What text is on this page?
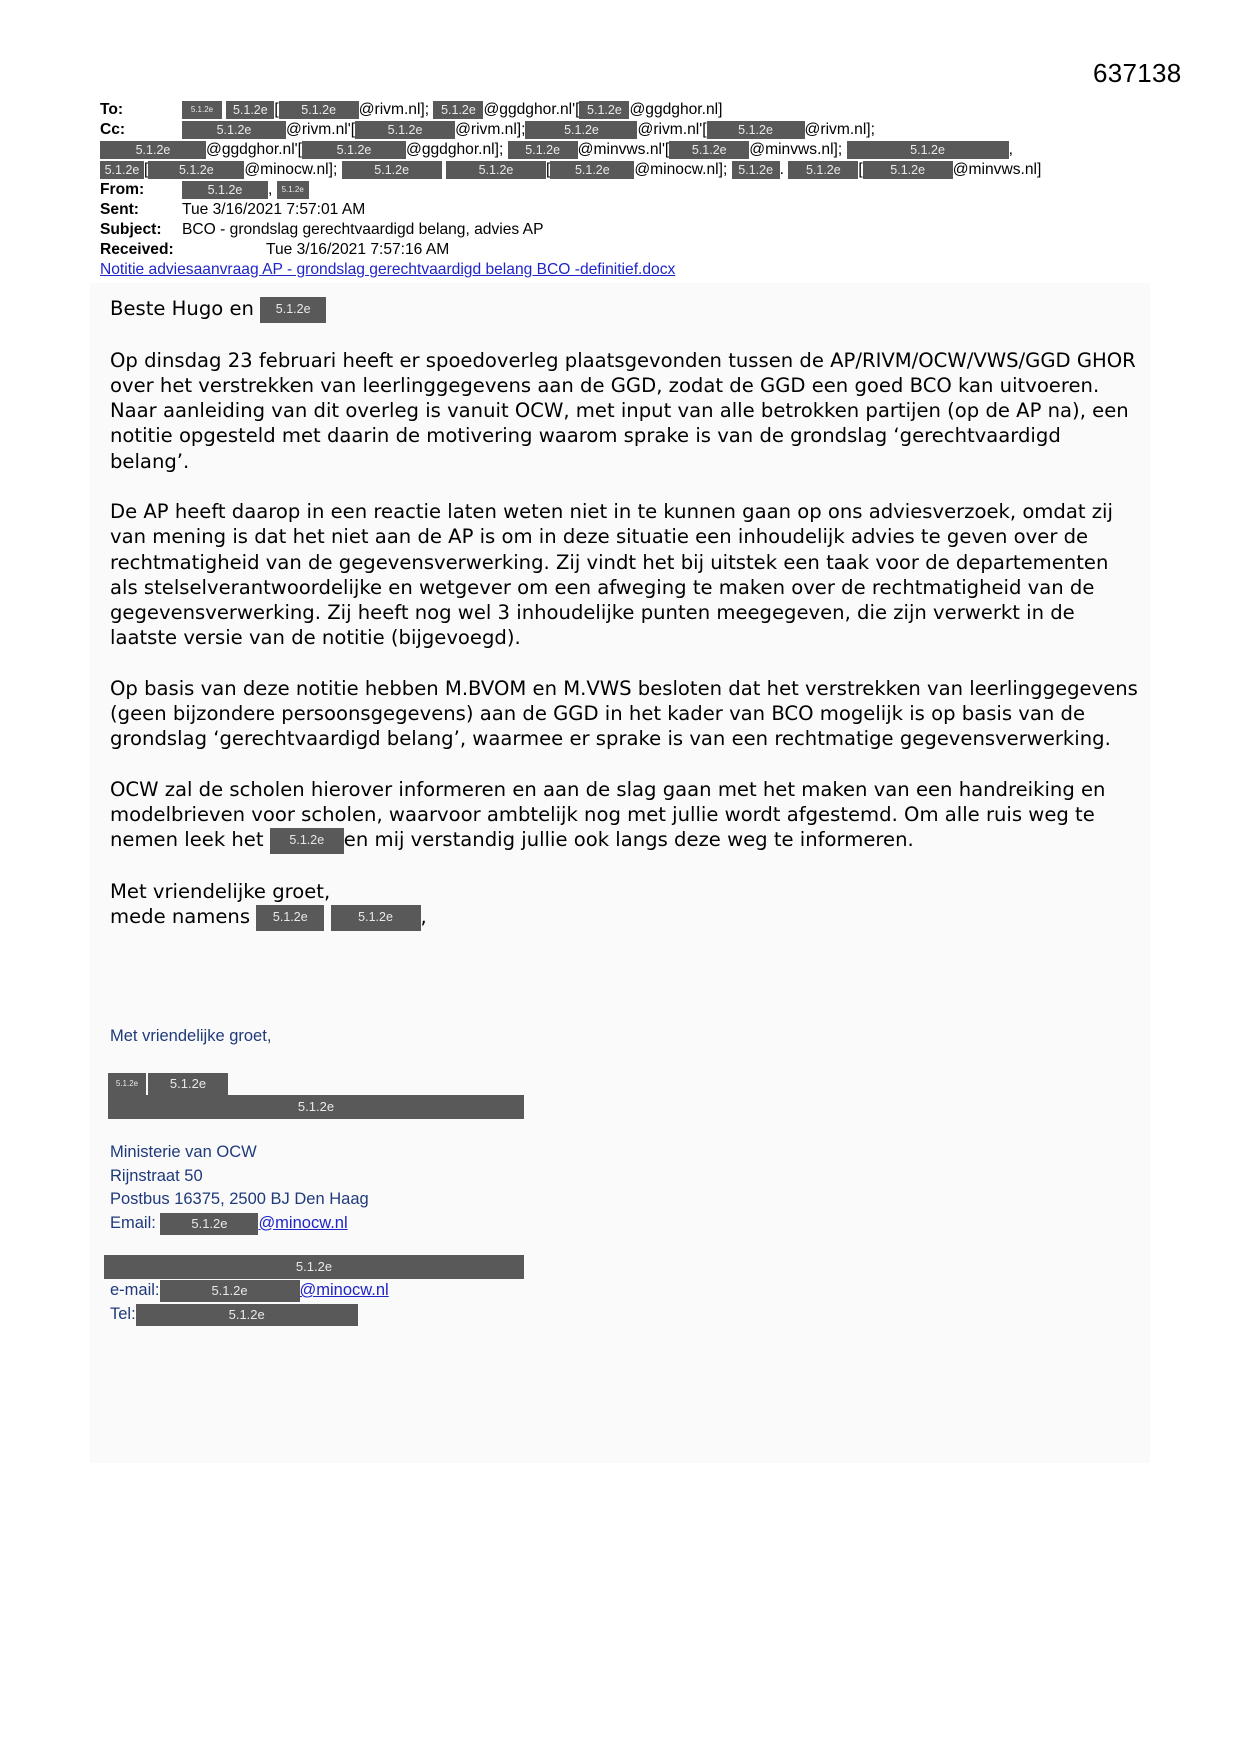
637138
To:	5.1.2e 5.1.2e [ 5.1.2e @rivm.nl]; 5.1.2e @ggdghor.nl'[ 5.1.2e @ggdghor.nl]
Cc:	5.1.2e @rivm.nl'[	5.1.2e @rivm.nl];	5.1.2e @rivm.nl'[	5.1.2e @rivm.nl];
5.1.2e @ggdghor.nl'[	5.1.2e @ggdghor.nl]; 5.1.2e @minvws.nl'[ 5.1.2e @minvws.nl];	5.1.2e	,
5.1.2e [ 5.1.2e @minocw.nl];	5.1.2e	5.1.2e [ 5.1.2e @minocw.nl]; 5.1.2e . 5.1.2e [ 5.1.2e @minvws.nl]
From:	5.1.2e , 5.1.2e
Sent:	Tue 3/16/2021 7:57:01 AM
Subject: BCO - grondslag gerechtvaardigd belang, advies AP
Received:	Tue 3/16/2021 7:57:16 AM
Notitie adviesaanvraag AP - grondslag gerechtvaardigd belang BCO -definitief.docx

Beste Hugo en 5.1.2e

Op dinsdag 23 februari heeft er spoedoverleg plaatsgevonden tussen de AP/RIVM/OCW/VWS/GGD GHOR over het verstrekken van leerlinggegevens aan de GGD, zodat de GGD een goed BCO kan uitvoeren. Naar aanleiding van dit overleg is vanuit OCW, met input van alle betrokken partijen (op de AP na), een notitie opgesteld met daarin de motivering waarom sprake is van de grondslag ‘gerechtvaardigd belang’.

De AP heeft daarop in een reactie laten weten niet in te kunnen gaan op ons adviesverzoek, omdat zij van mening is dat het niet aan de AP is om in deze situatie een inhoudelijk advies te geven over de rechtmatigheid van de gegevensverwerking. Zij vindt het bij uitstek een taak voor de departementen als stelselverantwoordelijke en wetgever om een afweging te maken over de rechtmatigheid van de gegevensverwerking. Zij heeft nog wel 3 inhoudelijke punten meegegeven, die zijn verwerkt in de laatste versie van de notitie (bijgevoegd).

Op basis van deze notitie hebben M.BVOM en M.VWS besloten dat het verstrekken van leerlinggegevens (geen bijzondere persoonsgegevens) aan de GGD in het kader van BCO mogelijk is op basis van de grondslag ‘gerechtvaardigd belang’, waarmee er sprake is van een rechtmatige gegevensverwerking.

OCW zal de scholen hierover informeren en aan de slag gaan met het maken van een handreiking en modelbrieven voor scholen, waarvoor ambtelijk nog met jullie wordt afgestemd. Om alle ruis weg te nemen leek het 5.1.2e en mij verstandig jullie ook langs deze weg te informeren.

Met vriendelijke groet,
mede namens 5.1.2e	5.1.2e ,

Met vriendelijke groet,
5.1.2e	5.1.2e
5.1.2e
Ministerie van OCW
Rijnstraat 50
Postbus 16375, 2500 BJ Den Haag
Email:	5.1.2e @minocw.nl
5.1.2e
e-mail:	5.1.2e	@minocw.nl
Tel:	5.1.2e
